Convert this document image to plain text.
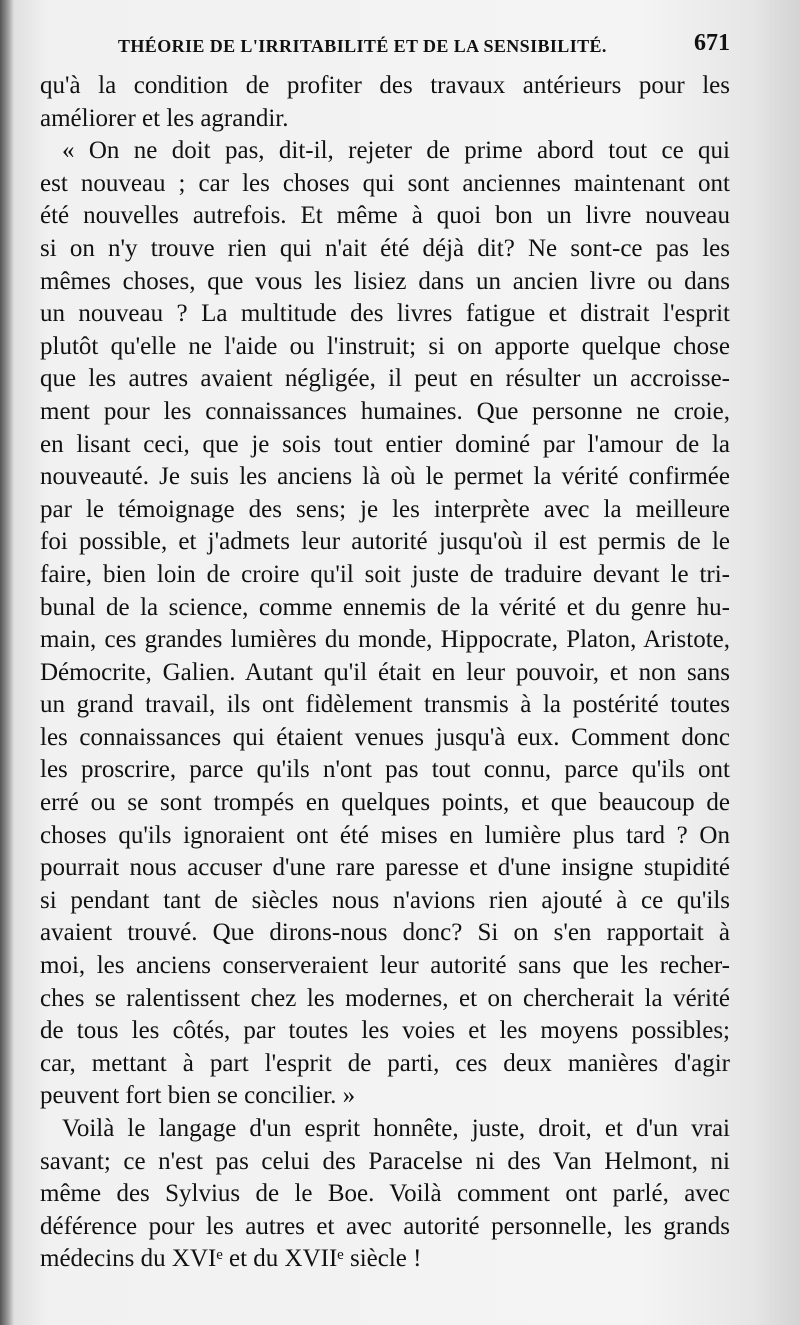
THÉORIE DE L'IRRITABILITÉ ET DE LA SENSIBILITÉ.	671
qu'à la condition de profiter des travaux antérieurs pour les
améliorer et les agrandir.
« On ne doit pas, dit-il, rejeter de prime abord tout ce qui
est nouveau ; car les choses qui sont anciennes maintenant ont
été nouvelles autrefois. Et même à quoi bon un livre nouveau
si on n'y trouve rien qui n'ait été déjà dit? Ne sont-ce pas les
mêmes choses, que vous les lisiez dans un ancien livre ou dans
un nouveau ? La multitude des livres fatigue et distrait l'esprit
plutôt qu'elle ne l'aide ou l'instruit; si on apporte quelque chose
que les autres avaient négligée, il peut en résulter un accroisse-
ment pour les connaissances humaines. Que personne ne croie,
en lisant ceci, que je sois tout entier dominé par l'amour de la
nouveauté. Je suis les anciens là où le permet la vérité confirmée
par le témoignage des sens; je les interprète avec la meilleure
foi possible, et j'admets leur autorité jusqu'où il est permis de le
faire, bien loin de croire qu'il soit juste de traduire devant le tri-
bunal de la science, comme ennemis de la vérité et du genre hu-
main, ces grandes lumières du monde, Hippocrate, Platon, Aristote,
Démocrite, Galien. Autant qu'il était en leur pouvoir, et non sans
un grand travail, ils ont fidèlement transmis à la postérité toutes
les connaissances qui étaient venues jusqu'à eux. Comment donc
les proscrire, parce qu'ils n'ont pas tout connu, parce qu'ils ont
erré ou se sont trompés en quelques points, et que beaucoup de
choses qu'ils ignoraient ont été mises en lumière plus tard ? On
pourrait nous accuser d'une rare paresse et d'une insigne stupidité
si pendant tant de siècles nous n'avions rien ajouté à ce qu'ils
avaient trouvé. Que dirons-nous donc? Si on s'en rapportait à
moi, les anciens conserveraient leur autorité sans que les recher-
ches se ralentissent chez les modernes, et on chercherait la vérité
de tous les côtés, par toutes les voies et les moyens possibles;
car, mettant à part l'esprit de parti, ces deux manières d'agir
peuvent fort bien se concilier. »
Voilà le langage d'un esprit honnête, juste, droit, et d'un vrai
savant; ce n'est pas celui des Paracelse ni des Van Helmont, ni
même des Sylvius de le Boe. Voilà comment ont parlé, avec
déférence pour les autres et avec autorité personnelle, les grands
médecins du XVIᵉ et du XVIIᵉ siècle !
